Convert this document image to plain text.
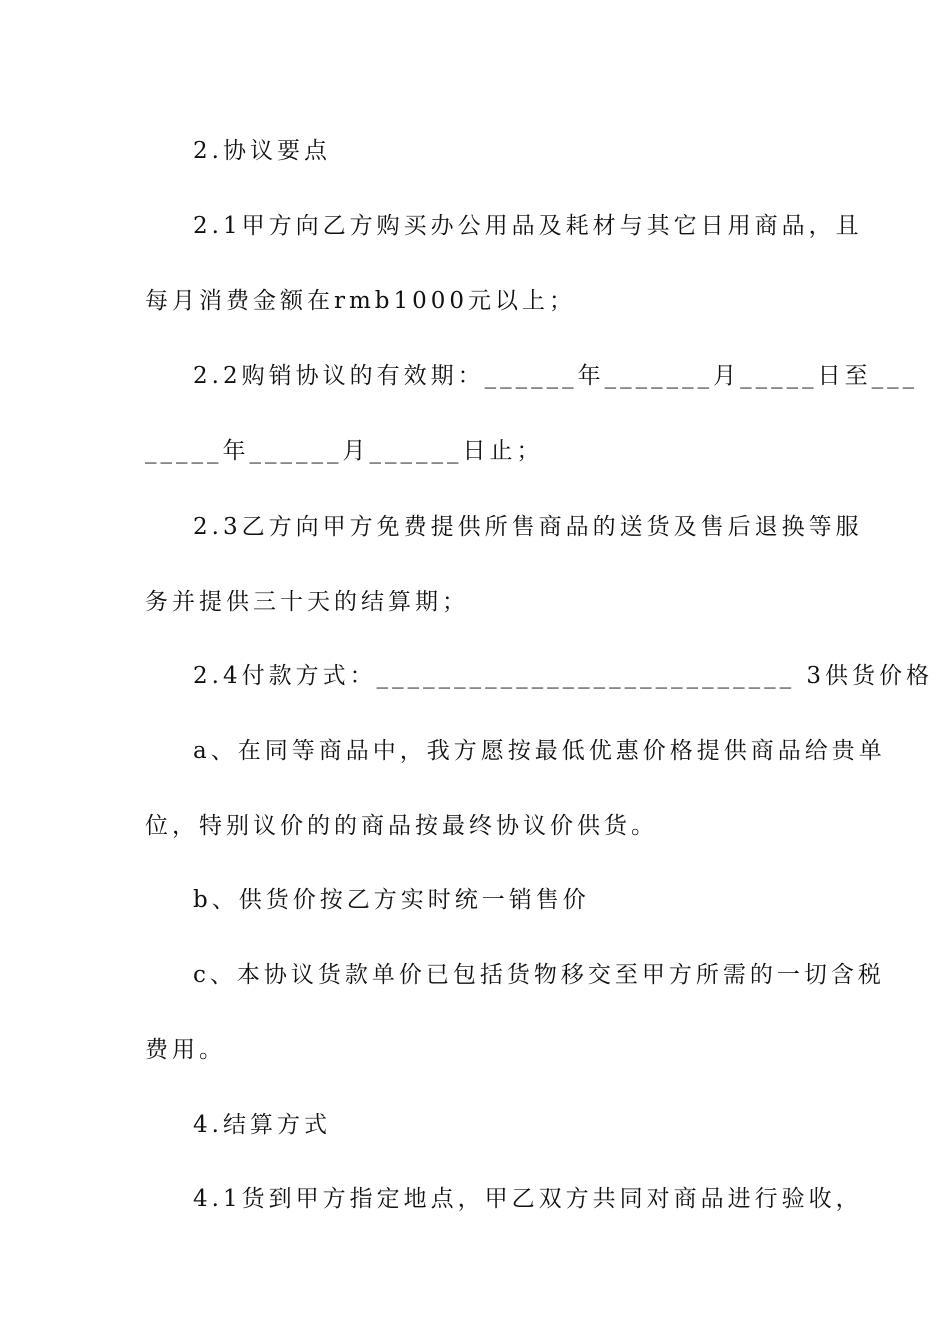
2.协议要点
2.1甲方向乙方购买办公用品及耗材与其它日用商品，且
每月消费金额在rmb1000元以上；
2.2购销协议的有效期：______年_______月_____日至___
_____年______月______日止；
2.3乙方向甲方免费提供所售商品的送货及售后退换等服
务并提供三十天的结算期；
2.4付款方式：___________________________ 3供货价格
a、在同等商品中，我方愿按最低优惠价格提供商品给贵单
位，特别议价的的商品按最终协议价供货。
b、供货价按乙方实时统一销售价
c、本协议货款单价已包括货物移交至甲方所需的一切含税
费用。
4.结算方式
4.1货到甲方指定地点，甲乙双方共同对商品进行验收，
